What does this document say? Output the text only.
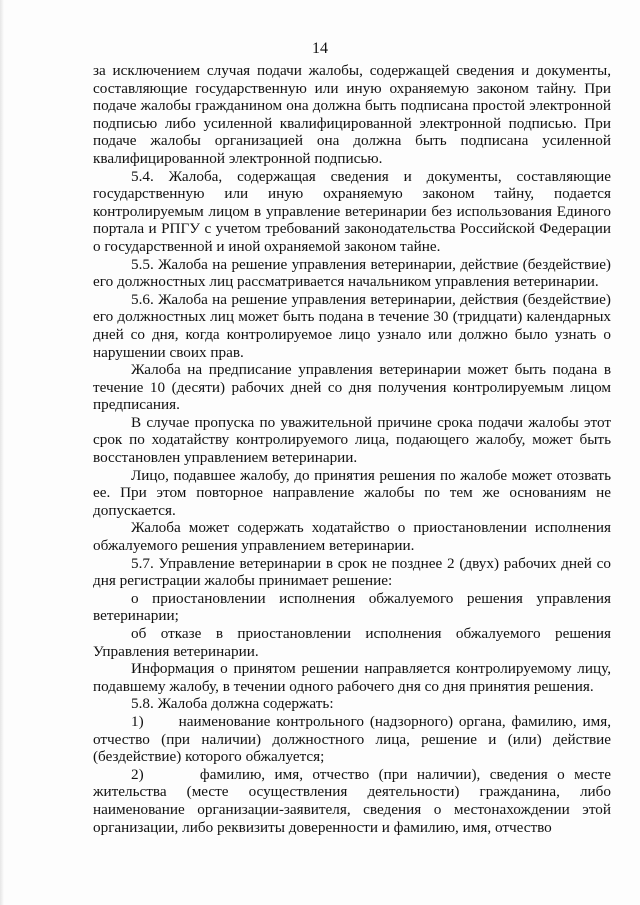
14

за исключением случая подачи жалобы, содержащей сведения и документы, составляющие государственную или иную охраняемую законом тайну. При подаче жалобы гражданином она должна быть подписана простой электронной подписью либо усиленной квалифицированной электронной подписью. При подаче жалобы организацией она должна быть подписана усиленной квалифицированной электронной подписью.

5.4. Жалоба, содержащая сведения и документы, составляющие государственную или иную охраняемую законом тайну, подается контролируемым лицом в управление ветеринарии без использования Единого портала и РПГУ с учетом требований законодательства Российской Федерации о государственной и иной охраняемой законом тайне.

5.5. Жалоба на решение управления ветеринарии, действие (бездействие) его должностных лиц рассматривается начальником управления ветеринарии.

5.6. Жалоба на решение управления ветеринарии, действия (бездействие) его должностных лиц может быть подана в течение 30 (тридцати) календарных дней со дня, когда контролируемое лицо узнало или должно было узнать о нарушении своих прав.

Жалоба на предписание управления ветеринарии может быть подана в течение 10 (десяти) рабочих дней со дня получения контролируемым лицом предписания.

В случае пропуска по уважительной причине срока подачи жалобы этот срок по ходатайству контролируемого лица, подающего жалобу, может быть восстановлен управлением ветеринарии.

Лицо, подавшее жалобу, до принятия решения по жалобе может отозвать ее. При этом повторное направление жалобы по тем же основаниям не допускается.

Жалоба может содержать ходатайство о приостановлении исполнения обжалуемого решения управлением ветеринарии.

5.7. Управление ветеринарии в срок не позднее 2 (двух) рабочих дней со дня регистрации жалобы принимает решение:

о приостановлении исполнения обжалуемого решения управления ветеринарии;

об отказе в приостановлении исполнения обжалуемого решения Управления ветеринарии.

Информация о принятом решении направляется контролируемому лицу, подавшему жалобу, в течении одного рабочего дня со дня принятия решения.

5.8. Жалоба должна содержать:

1)      наименование контрольного (надзорного) органа, фамилию, имя, отчество (при наличии) должностного лица, решение и (или) действие (бездействие) которого обжалуется;

2)      фамилию, имя, отчество (при наличии), сведения о месте жительства (месте осуществления деятельности) гражданина, либо наименование организации-заявителя, сведения о местонахождении этой организации, либо реквизиты доверенности и фамилию, имя, отчество
